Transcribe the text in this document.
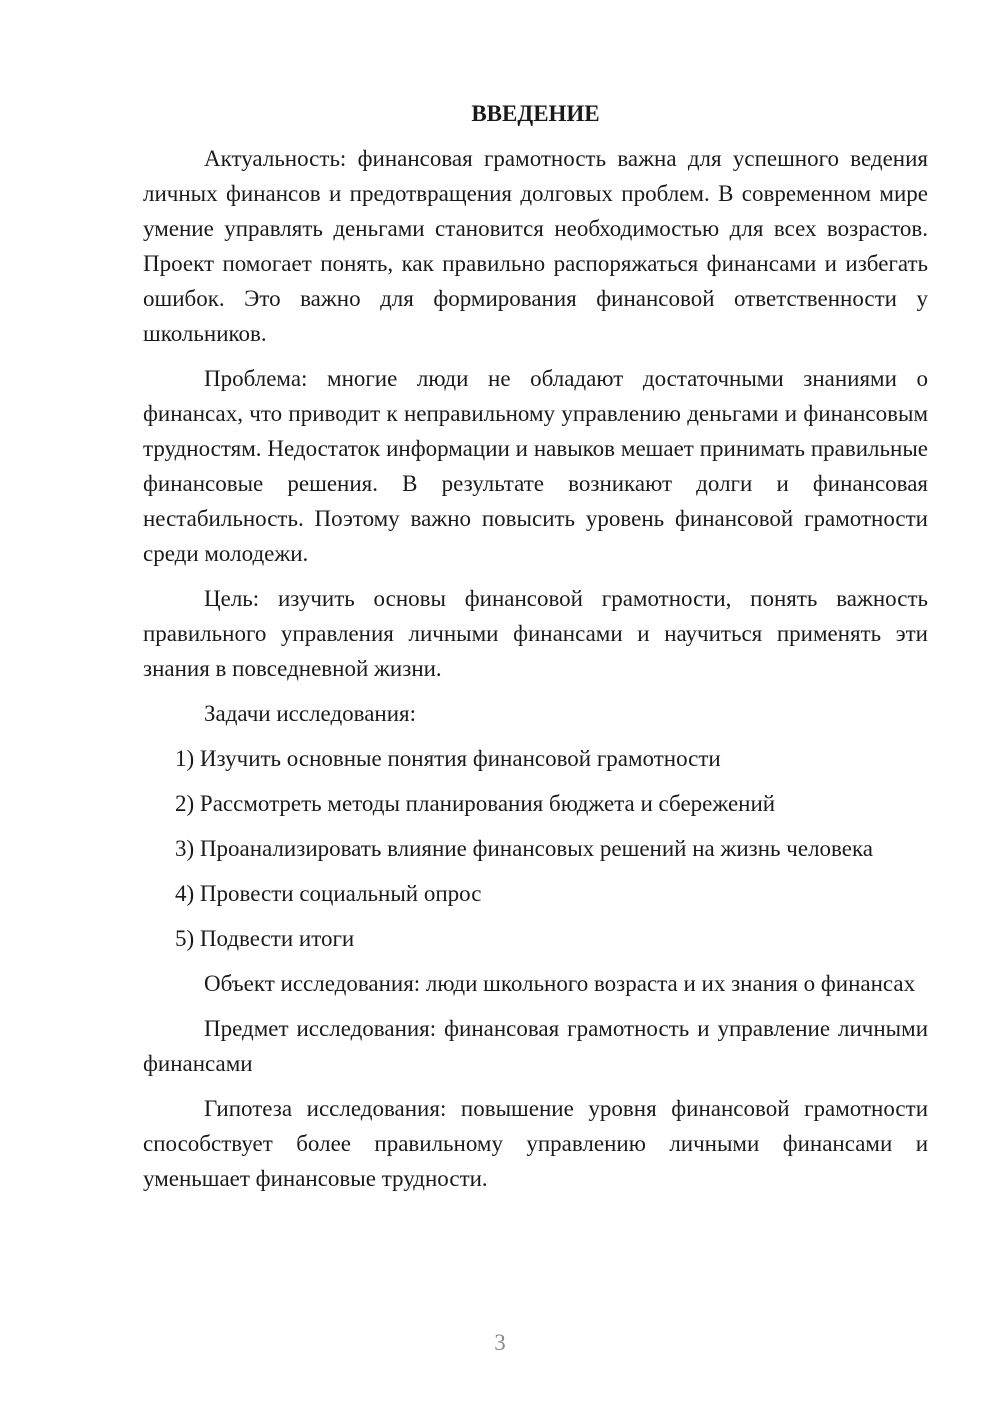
ВВЕДЕНИЕ

Актуальность: финансовая грамотность важна для успешного ведения личных финансов и предотвращения долговых проблем. В современном мире умение управлять деньгами становится необходимостью для всех возрастов. Проект помогает понять, как правильно распоряжаться финансами и избегать ошибок. Это важно для формирования финансовой ответственности у школьников.

Проблема: многие люди не обладают достаточными знаниями о финансах, что приводит к неправильному управлению деньгами и финансовым трудностям. Недостаток информации и навыков мешает принимать правильные финансовые решения. В результате возникают долги и финансовая нестабильность. Поэтому важно повысить уровень финансовой грамотности среди молодежи.

Цель: изучить основы финансовой грамотности, понять важность правильного управления личными финансами и научиться применять эти знания в повседневной жизни.

Задачи исследования:

1) Изучить основные понятия финансовой грамотности

2) Рассмотреть методы планирования бюджета и сбережений

3) Проанализировать влияние финансовых решений на жизнь человека

4) Провести социальный опрос

5) Подвести итоги

Объект исследования: люди школьного возраста и их знания о финансах

Предмет исследования: финансовая грамотность и управление личными финансами

Гипотеза исследования: повышение уровня финансовой грамотности способствует более правильному управлению личными финансами и уменьшает финансовые трудности.

3
